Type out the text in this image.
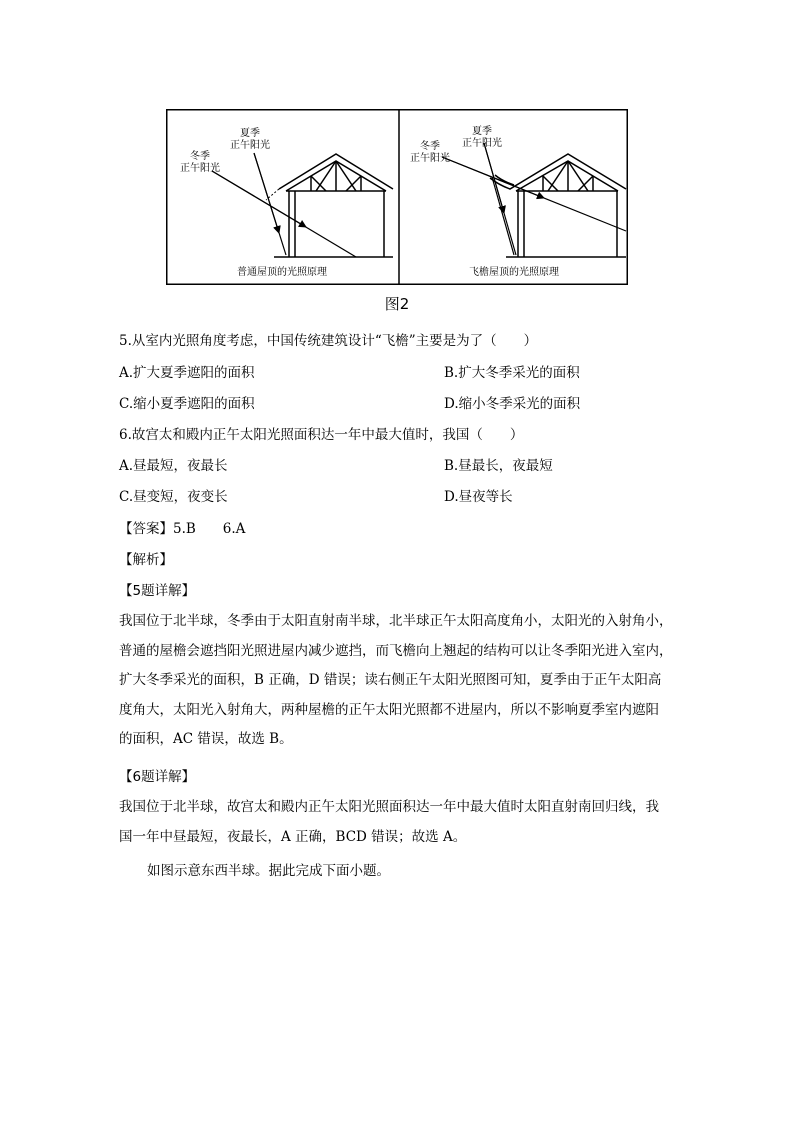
夏季
正午阳光
冬季
正午阳光
普通屋顶的光照原理
夏季
正午阳光
冬季
正午阳光
飞檐屋顶的光照原理
图2
5.从室内光照角度考虑，中国传统建筑设计“飞檐”主要是为了（　　）
A.扩大夏季遮阳的面积	B.扩大冬季采光的面积
C.缩小夏季遮阳的面积	D.缩小冬季采光的面积
6.故宫太和殿内正午太阳光照面积达一年中最大值时，我国（　　）
A.昼最短，夜最长	B.昼最长，夜最短
C.昼变短，夜变长	D.昼夜等长
【答案】5.B　　6.A
【解析】
【5题详解】
我国位于北半球，冬季由于太阳直射南半球，北半球正午太阳高度角小，太阳光的入射角小，
普通的屋檐会遮挡阳光照进屋内减少遮挡，而飞檐向上翘起的结构可以让冬季阳光进入室内，
扩大冬季采光的面积，B 正确，D 错误；读右侧正午太阳光照图可知，夏季由于正午太阳高
度角大，太阳光入射角大，两种屋檐的正午太阳光照都不进屋内，所以不影响夏季室内遮阳
的面积，AC 错误，故选 B。
【6题详解】
我国位于北半球，故宫太和殿内正午太阳光照面积达一年中最大值时太阳直射南回归线，我
国一年中昼最短，夜最长，A 正确，BCD 错误；故选 A。
如图示意东西半球。据此完成下面小题。
